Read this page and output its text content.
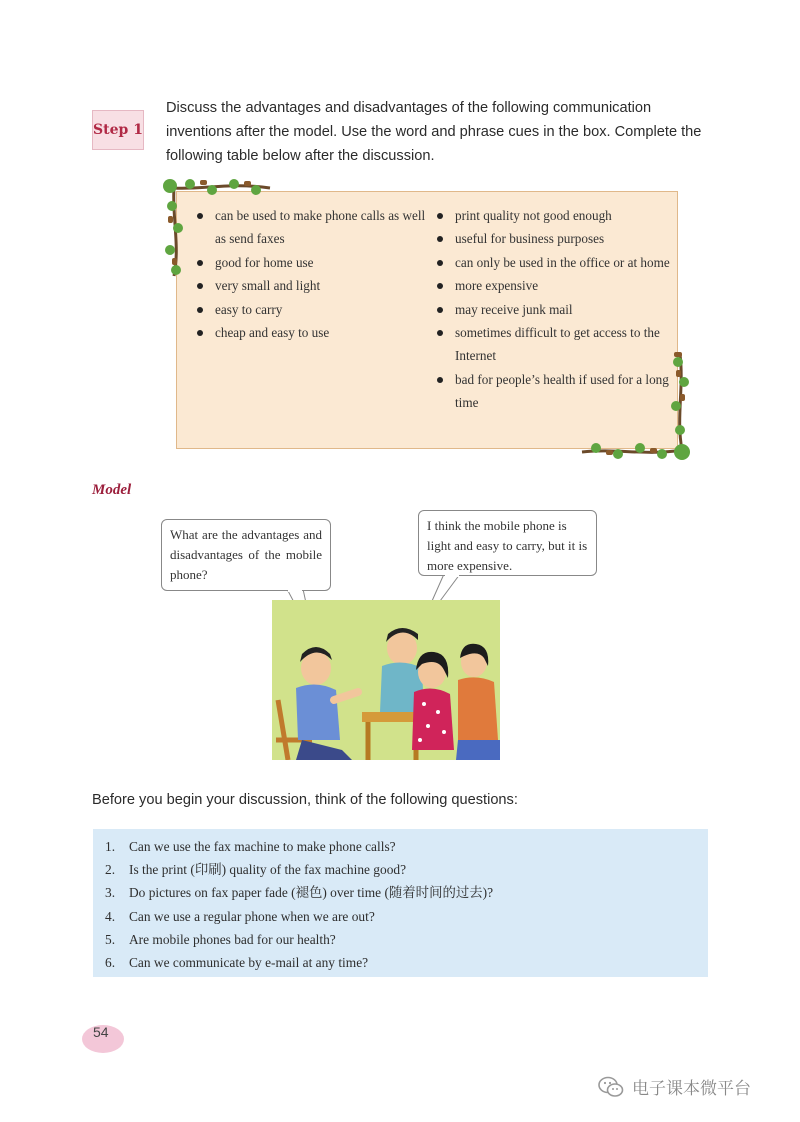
Step 1
Discuss the advantages and disadvantages of the following communication inventions after the model. Use the word and phrase cues in the box. Complete the following table below after the discussion.
can be used to make phone calls as well as send faxes
good for home use
very small and light
easy to carry
cheap and easy to use
print quality not good enough
useful for business purposes
can only be used in the office or at home
more expensive
may receive junk mail
sometimes difficult to get access to the Internet
bad for people’s health if used for a long time
Model
What are the advantages and disadvantages of the mobile phone?
I think the mobile phone is light and easy to carry, but it is more expensive.
Before you begin your discussion, think of the following questions:
1.	Can we use the fax machine to make phone calls?
2.	Is the print (印刷) quality of the fax machine good?
3.	Do pictures on fax paper fade (褪色) over time (随着时间的过去)?
4.	Can we use a regular phone when we are out?
5.	Are mobile phones bad for our health?
6.	Can we communicate by e-mail at any time?
54
电子课本微平台
